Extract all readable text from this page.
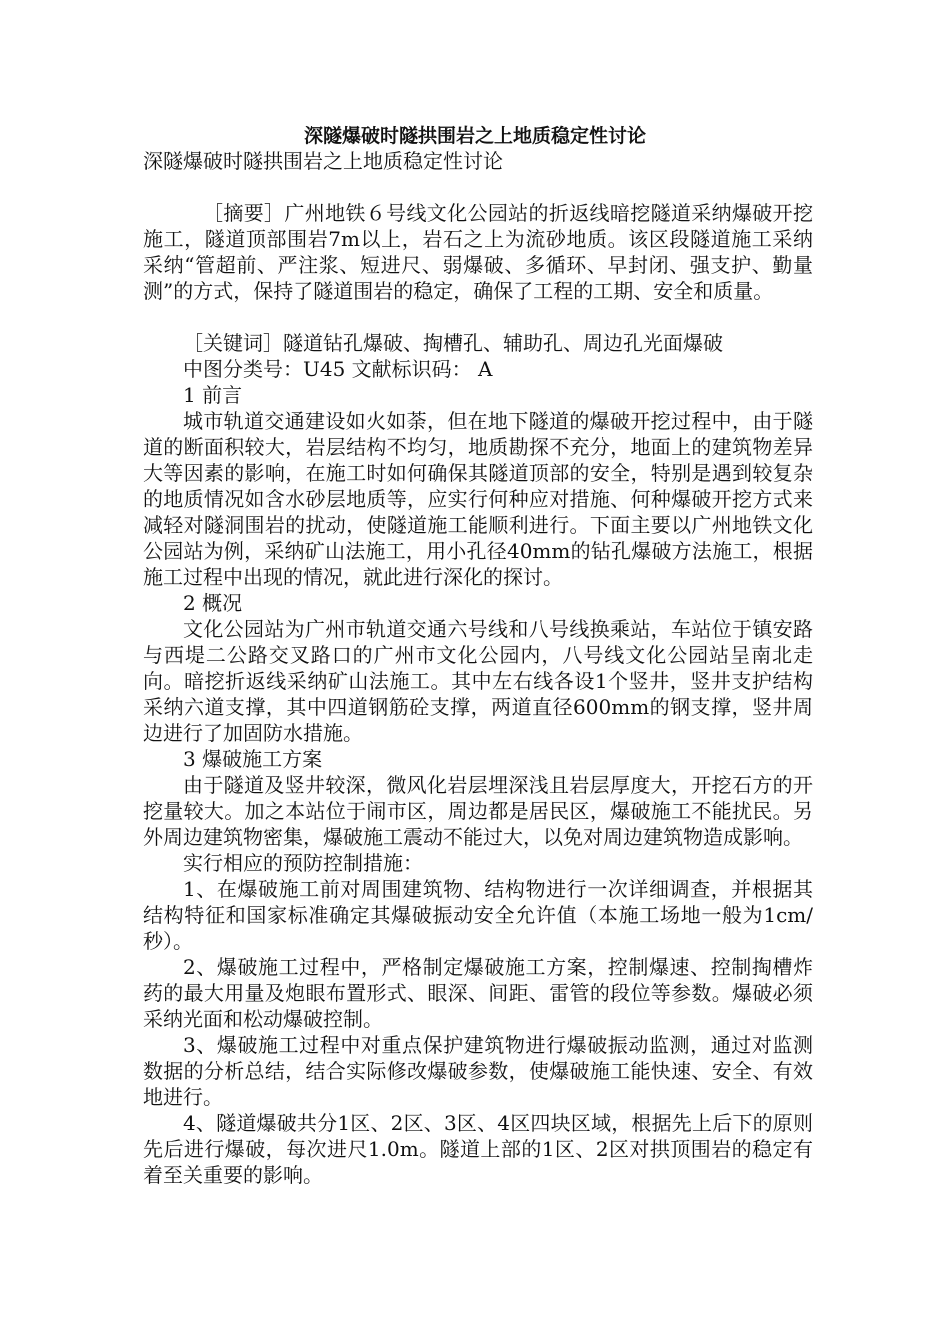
深隧爆破时隧拱围岩之上地质稳定性讨论
深隧爆破时隧拱围岩之上地质稳定性讨论

［摘要］广州地铁６号线文化公园站的折返线暗挖隧道采纳爆破开挖施工，隧道顶部围岩7m以上，岩石之上为流砂地质。该区段隧道施工采纳采纳“管超前、严注浆、短进尺、弱爆破、多循环、早封闭、强支护、勤量测”的方式，保持了隧道围岩的稳定，确保了工程的工期、安全和质量。

［关键词］隧道钻孔爆破、掏槽孔、辅助孔、周边孔光面爆破

中图分类号：U45 文献标识码： A

1 前言

城市轨道交通建设如火如荼，但在地下隧道的爆破开挖过程中，由于隧道的断面积较大，岩层结构不均匀，地质勘探不充分，地面上的建筑物差异大等因素的影响，在施工时如何确保其隧道顶部的安全，特别是遇到较复杂的地质情况如含水砂层地质等，应实行何种应对措施、何种爆破开挖方式来减轻对隧洞围岩的扰动，使隧道施工能顺利进行。下面主要以广州地铁文化公园站为例，采纳矿山法施工，用小孔径40mm的钻孔爆破方法施工，根据施工过程中出现的情况，就此进行深化的探讨。

2 概况

文化公园站为广州市轨道交通六号线和八号线换乘站，车站位于镇安路与西堤二公路交叉路口的广州市文化公园内，八号线文化公园站呈南北走向。暗挖折返线采纳矿山法施工。其中左右线各设1个竖井，竖井支护结构采纳六道支撑，其中四道钢筋砼支撑，两道直径600mm的钢支撑，竖井周边进行了加固防水措施。

3 爆破施工方案

由于隧道及竖井较深，微风化岩层埋深浅且岩层厚度大，开挖石方的开挖量较大。加之本站位于闹市区，周边都是居民区，爆破施工不能扰民。另外周边建筑物密集，爆破施工震动不能过大，以免对周边建筑物造成影响。

实行相应的预防控制措施：

1、在爆破施工前对周围建筑物、结构物进行一次详细调查，并根据其结构特征和国家标准确定其爆破振动安全允许值（本施工场地一般为1cm/秒）。

2、爆破施工过程中，严格制定爆破施工方案，控制爆速、控制掏槽炸药的最大用量及炮眼布置形式、眼深、间距、雷管的段位等参数。爆破必须采纳光面和松动爆破控制。

3、爆破施工过程中对重点保护建筑物进行爆破振动监测，通过对监测数据的分析总结，结合实际修改爆破参数，使爆破施工能快速、安全、有效地进行。

4、隧道爆破共分1区、2区、3区、4区四块区域，根据先上后下的原则先后进行爆破，每次进尺1.0m。隧道上部的1区、2区对拱顶围岩的稳定有着至关重要的影响。
